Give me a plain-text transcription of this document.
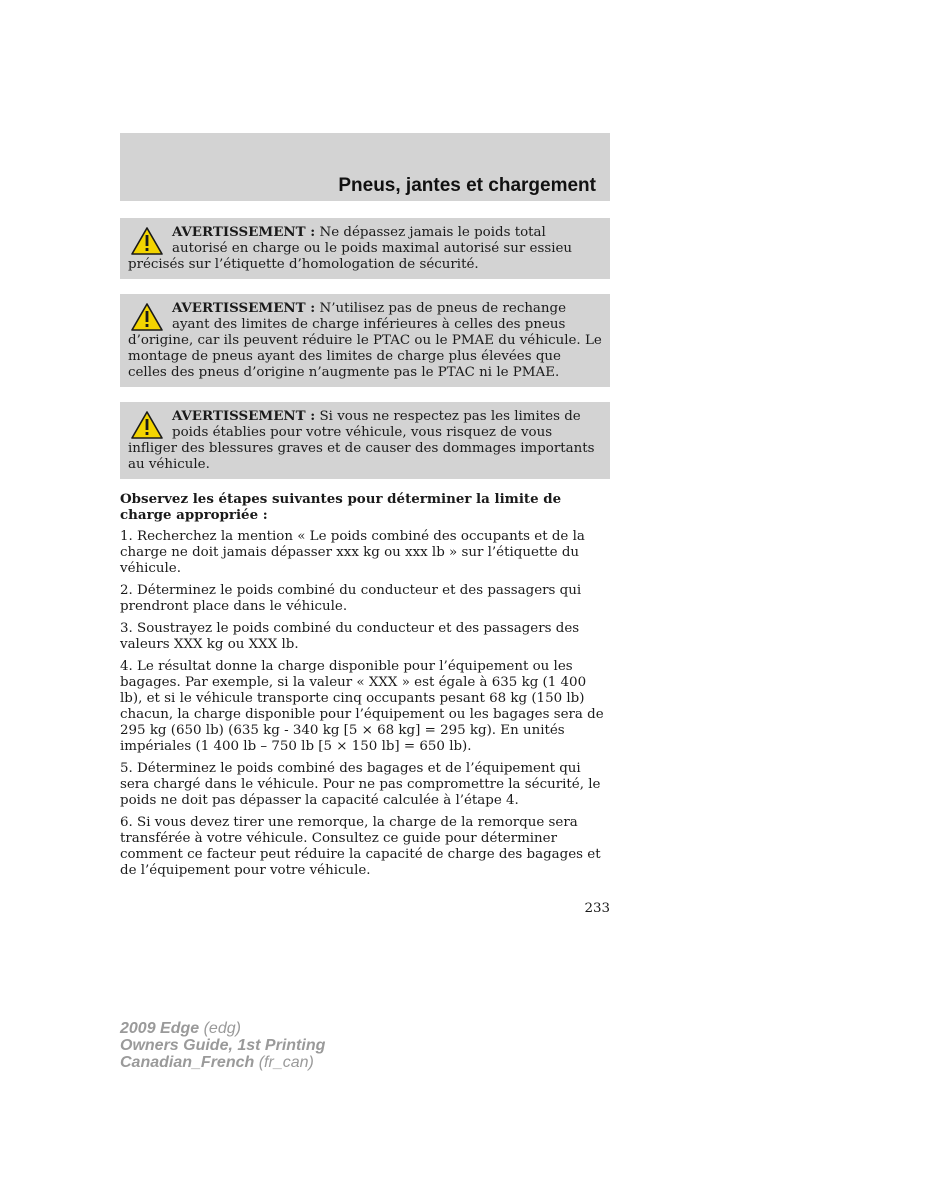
Pneus, jantes et chargement
AVERTISSEMENT : Ne dépassez jamais le poids total autorisé en charge ou le poids maximal autorisé sur essieu précisés sur l’étiquette d’homologation de sécurité.
AVERTISSEMENT : N’utilisez pas de pneus de rechange ayant des limites de charge inférieures à celles des pneus d’origine, car ils peuvent réduire le PTAC ou le PMAE du véhicule. Le montage de pneus ayant des limites de charge plus élevées que celles des pneus d’origine n’augmente pas le PTAC ni le PMAE.
AVERTISSEMENT : Si vous ne respectez pas les limites de poids établies pour votre véhicule, vous risquez de vous infliger des blessures graves et de causer des dommages importants au véhicule.

Observez les étapes suivantes pour déterminer la limite de charge appropriée :

1. Recherchez la mention « Le poids combiné des occupants et de la charge ne doit jamais dépasser xxx kg ou xxx lb » sur l’étiquette du véhicule.

2. Déterminez le poids combiné du conducteur et des passagers qui prendront place dans le véhicule.

3. Soustrayez le poids combiné du conducteur et des passagers des valeurs XXX kg ou XXX lb.

4. Le résultat donne la charge disponible pour l’équipement ou les bagages. Par exemple, si la valeur « XXX » est égale à 635 kg (1 400 lb), et si le véhicule transporte cinq occupants pesant 68 kg (150 lb) chacun, la charge disponible pour l’équipement ou les bagages sera de 295 kg (650 lb) (635 kg - 340 kg [5 × 68 kg] = 295 kg). En unités impériales (1 400 lb – 750 lb [5 × 150 lb] = 650 lb).

5. Déterminez le poids combiné des bagages et de l’équipement qui sera chargé dans le véhicule. Pour ne pas compromettre la sécurité, le poids ne doit pas dépasser la capacité calculée à l’étape 4.

6. Si vous devez tirer une remorque, la charge de la remorque sera transférée à votre véhicule. Consultez ce guide pour déterminer comment ce facteur peut réduire la capacité de charge des bagages et de l’équipement pour votre véhicule.

233
2009 Edge (edg)
Owners Guide, 1st Printing
Canadian_French (fr_can)
